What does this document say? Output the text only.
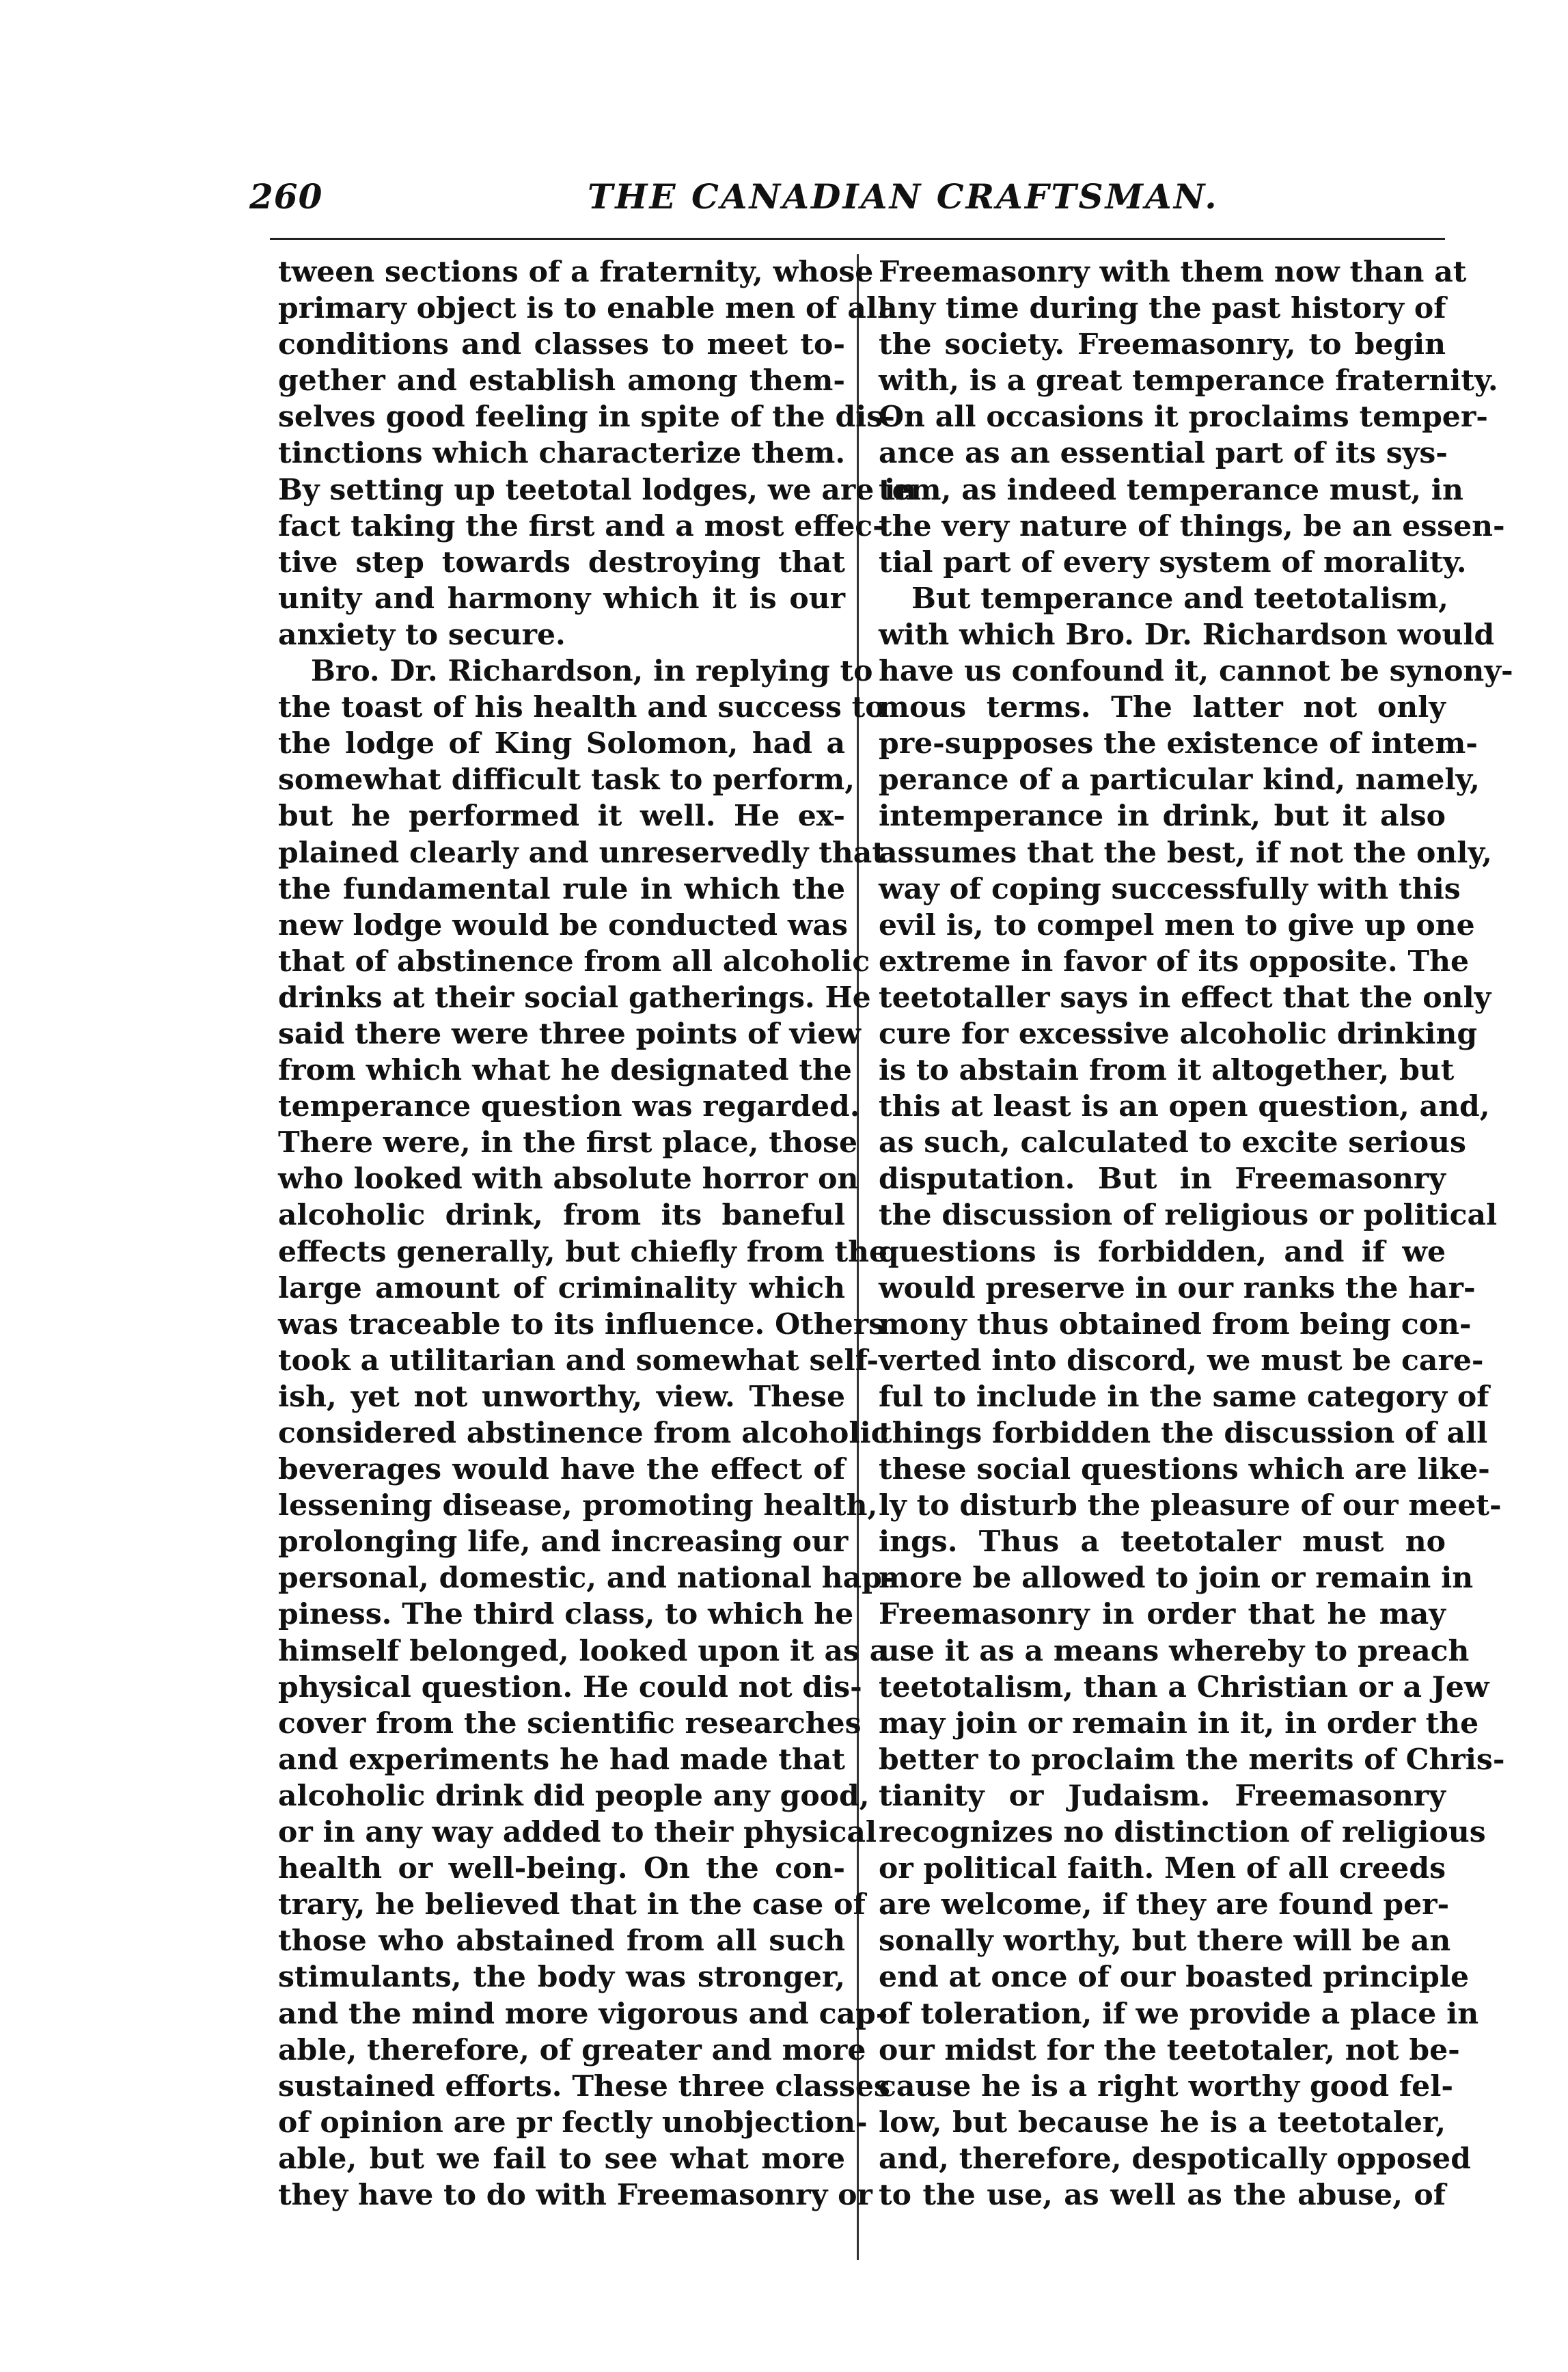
260	THE CANADIAN CRAFTSMAN.

tween sections of a fraternity, whose
primary object is to enable men of all
conditions and classes to meet to-
gether and establish among them-
selves good feeling in spite of the dis-
tinctions which characterize them.
By setting up teetotal lodges, we are in
fact taking the first and a most effec-
tive step towards destroying that
unity and harmony which it is our
anxiety to secure.

Bro. Dr. Richardson, in replying to
the toast of his health and success to
the lodge of King Solomon, had a
somewhat difficult task to perform,
but he performed it well. He ex-
plained clearly and unreservedly that
the fundamental rule in which the
new lodge would be conducted was
that of abstinence from all alcoholic
drinks at their social gatherings. He
said there were three points of view
from which what he designated the
temperance question was regarded.
There were, in the first place, those
who looked with absolute horror on
alcoholic drink, from its baneful
effects generally, but chiefly from the
large amount of criminality which
was traceable to its influence. Others
took a utilitarian and somewhat self-
ish, yet not unworthy, view. These
considered abstinence from alcoholic
beverages would have the effect of
lessening disease, promoting health,
prolonging life, and increasing our
personal, domestic, and national hap-
piness. The third class, to which he
himself belonged, looked upon it as a
physical question. He could not dis-
cover from the scientific researches
and experiments he had made that
alcoholic drink did people any good,
or in any way added to their physical
health or well-being. On the con-
trary, he believed that in the case of
those who abstained from all such
stimulants, the body was stronger,
and the mind more vigorous and cap-
able, therefore, of greater and more
sustained efforts. These three classes
of opinion are pr fectly unobjection-
able, but we fail to see what more
they have to do with Freemasonry or

Freemasonry with them now than at
any time during the past history of
the society. Freemasonry, to begin
with, is a great temperance fraternity.
On all occasions it proclaims temper-
ance as an essential part of its sys-
tem, as indeed temperance must, in
the very nature of things, be an essen-
tial part of every system of morality.

But temperance and teetotalism,
with which Bro. Dr. Richardson would
have us confound it, cannot be synony-
mous terms. The latter not only
pre-supposes the existence of intem-
perance of a particular kind, namely,
intemperance in drink, but it also
assumes that the best, if not the only,
way of coping successfully with this
evil is, to compel men to give up one
extreme in favor of its opposite. The
teetotaller says in effect that the only
cure for excessive alcoholic drinking
is to abstain from it altogether, but
this at least is an open question, and,
as such, calculated to excite serious
disputation. But in Freemasonry
the discussion of religious or political
questions is forbidden, and if we
would preserve in our ranks the har-
mony thus obtained from being con-
verted into discord, we must be care-
ful to include in the same category of
things forbidden the discussion of all
these social questions which are like-
ly to disturb the pleasure of our meet-
ings. Thus a teetotaler must no
more be allowed to join or remain in
Freemasonry in order that he may
use it as a means whereby to preach
teetotalism, than a Christian or a Jew
may join or remain in it, in order the
better to proclaim the merits of Chris-
tianity or Judaism. Freemasonry
recognizes no distinction of religious
or political faith. Men of all creeds
are welcome, if they are found per-
sonally worthy, but there will be an
end at once of our boasted principle
of toleration, if we provide a place in
our midst for the teetotaler, not be-
cause he is a right worthy good fel-
low, but because he is a teetotaler,
and, therefore, despotically opposed
to the use, as well as the abuse, of
